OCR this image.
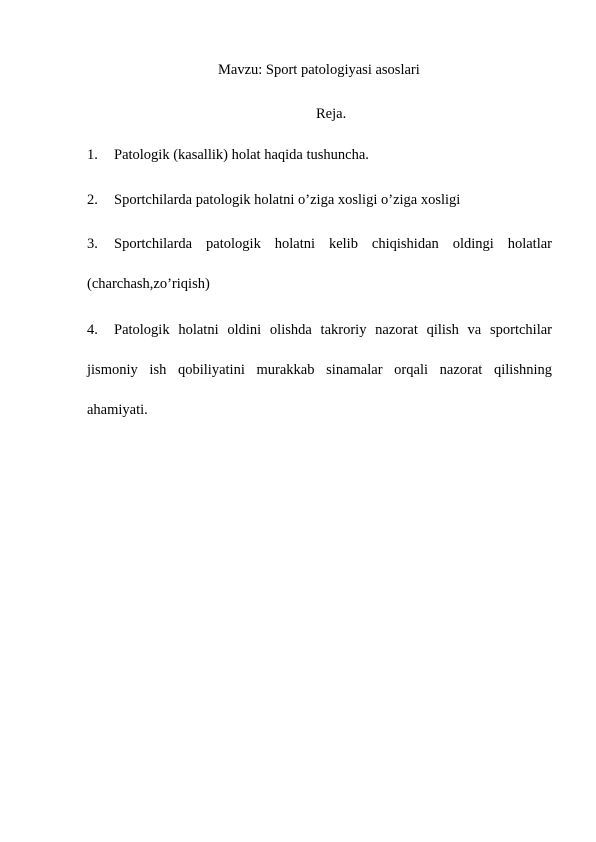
Mavzu: Sport patologiyasi asoslari
Reja.
1. Patologik (kasallik) holat haqida tushuncha.
2. Sportchilarda patologik holatni o’ziga xosligi o’ziga xosligi
3. Sportchilarda patologik holatni kelib chiqishidan oldingi holatlar (charchash,zo’riqish)
4. Patologik holatni oldini olishda takroriy nazorat qilish va sportchilar jismoniy ish qobiliyatini murakkab sinamalar orqali nazorat qilishning ahamiyati.
